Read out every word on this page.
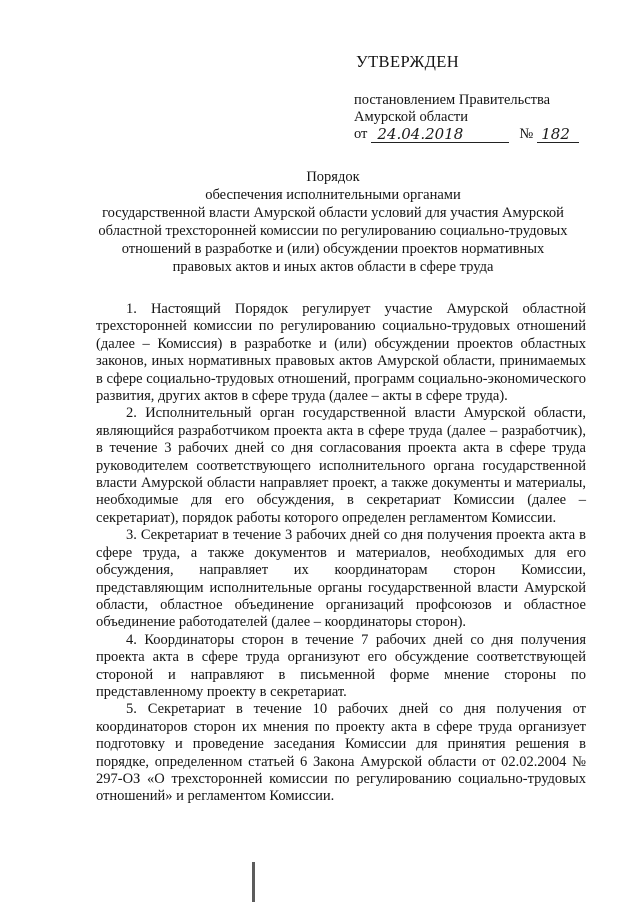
УТВЕРЖДЕН
постановлением Правительства
Амурской области
от 24.04.2018	№ 182
Порядок
обеспечения исполнительными органами
государственной власти Амурской области условий для участия Амурской
областной трехсторонней комиссии по регулированию социально-трудовых
отношений в разработке и (или) обсуждении проектов нормативных
правовых актов и иных актов области в сфере труда

1. Настоящий Порядок регулирует участие Амурской областной трехсторонней комиссии по регулированию социально-трудовых отношений (далее – Комиссия) в разработке и (или) обсуждении проектов областных законов, иных нормативных правовых актов Амурской области, принимаемых в сфере социально-трудовых отношений, программ социально-экономического развития, других актов в сфере труда (далее – акты в сфере труда).

2. Исполнительный орган государственной власти Амурской области, являющийся разработчиком проекта акта в сфере труда (далее – разработчик), в течение 3 рабочих дней со дня согласования проекта акта в сфере труда руководителем соответствующего исполнительного органа государственной власти Амурской области направляет проект, а также документы и материалы, необходимые для его обсуждения, в секретариат Комиссии (далее – секретариат), порядок работы которого определен регламентом Комиссии.

3. Секретариат в течение 3 рабочих дней со дня получения проекта акта в сфере труда, а также документов и материалов, необходимых для его обсуждения, направляет их координаторам сторон Комиссии, представляющим исполнительные органы государственной власти Амурской области, областное объединение организаций профсоюзов и областное объединение работодателей (далее – координаторы сторон).

4. Координаторы сторон в течение 7 рабочих дней со дня получения проекта акта в сфере труда организуют его обсуждение соответствующей стороной и направляют в письменной форме мнение стороны по представленному проекту в секретариат.

5. Секретариат в течение 10 рабочих дней со дня получения от координаторов сторон их мнения по проекту акта в сфере труда организует подготовку и проведение заседания Комиссии для принятия решения в порядке, определенном статьей 6 Закона Амурской области от 02.02.2004 № 297-ОЗ «О трехсторонней комиссии по регулированию социально-трудовых отношений» и регламентом Комиссии.
